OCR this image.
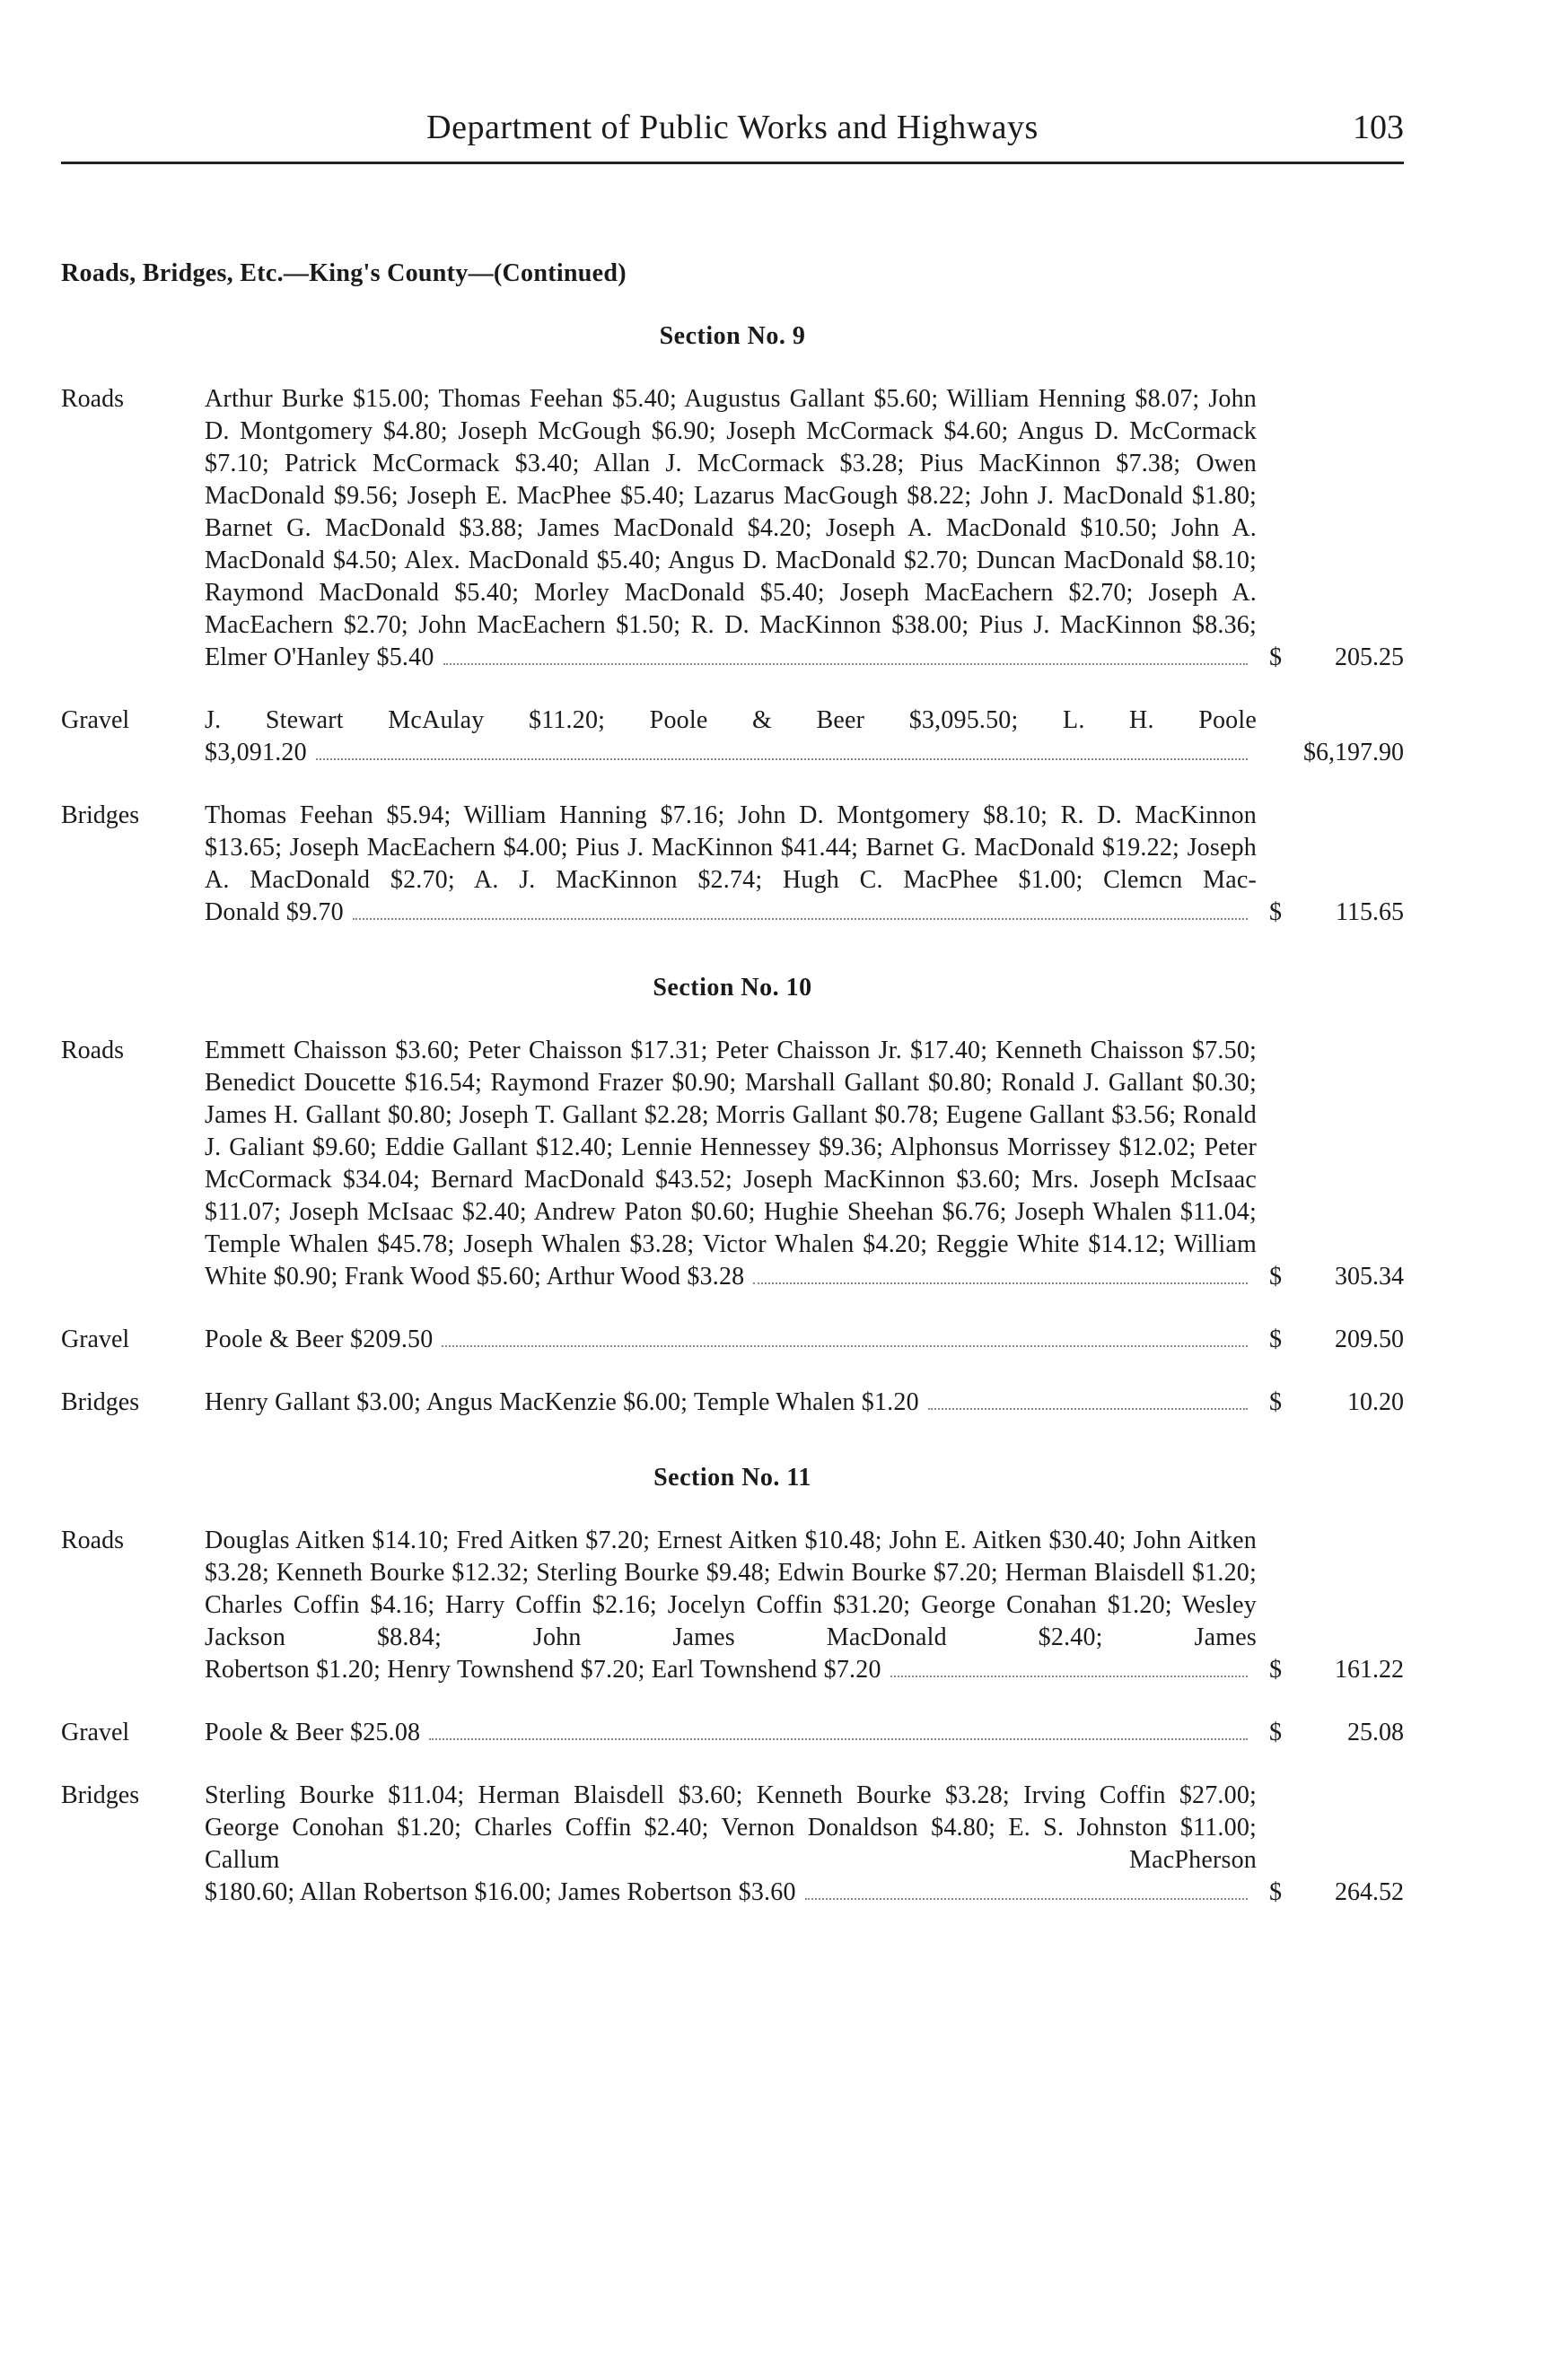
Department of Public Works and Highways	103
Roads, Bridges, Etc.—King's County—(Continued)
Section No. 9
Roads	Arthur Burke $15.00; Thomas Feehan $5.40; Augustus Gallant $5.60; William Henning $8.07; John D. Montgomery $4.80; Joseph McGough $6.90; Joseph McCormack $4.60; Angus D. McCormack $7.10; Patrick McCormack $3.40; Allan J. McCormack $3.28; Pius MacKinnon $7.38; Owen MacDonald $9.56; Joseph E. MacPhee $5.40; Lazarus MacGough $8.22; John J. MacDonald $1.80; Barnet G. MacDonald $3.88; James MacDonald $4.20; Joseph A. MacDonald $10.50; John A. MacDonald $4.50; Alex. MacDonald $5.40; Angus D. MacDonald $2.70; Duncan MacDonald $8.10; Raymond MacDonald $5.40; Morley MacDonald $5.40; Joseph MacEachern $2.70; Joseph A. MacEachern $2.70; John MacEachern $1.50; R. D. MacKinnon $38.00; Pius J. MacKinnon $8.36;
Elmer O'Hanley $5.40	$ 205.25
Gravel	J. Stewart McAulay $11.20; Poole & Beer $3,095.50; L. H. Poole
$3,091.20	$6,197.90
Bridges	Thomas Feehan $5.94; William Hanning $7.16; John D. Montgomery $8.10; R. D. MacKinnon $13.65; Joseph MacEachern $4.00; Pius J. MacKinnon $41.44; Barnet G. MacDonald $19.22; Joseph A. MacDonald $2.70; A. J. MacKinnon $2.74; Hugh C. MacPhee $1.00; Clemcn Mac-
Donald $9.70	$ 115.65
Section No. 10
Roads	Emmett Chaisson $3.60; Peter Chaisson $17.31; Peter Chaisson Jr. $17.40; Kenneth Chaisson $7.50; Benedict Doucette $16.54; Raymond Frazer $0.90; Marshall Gallant $0.80; Ronald J. Gallant $0.30; James H. Gallant $0.80; Joseph T. Gallant $2.28; Morris Gallant $0.78; Eugene Gallant $3.56; Ronald J. Galiant $9.60; Eddie Gallant $12.40; Lennie Hennessey $9.36; Alphonsus Morrissey $12.02; Peter McCormack $34.04; Bernard MacDonald $43.52; Joseph MacKinnon $3.60; Mrs. Joseph McIsaac $11.07; Joseph McIsaac $2.40; Andrew Paton $0.60; Hughie Sheehan $6.76; Joseph Whalen $11.04; Temple Whalen $45.78; Joseph Whalen $3.28; Victor Whalen $4.20; Reggie White $14.12; William
White $0.90; Frank Wood $5.60; Arthur Wood $3.28	$ 305.34
Gravel	Poole & Beer $209.50	$ 209.50
Bridges	Henry Gallant $3.00; Angus MacKenzie $6.00; Temple Whalen $1.20	$	10.20
Section No. 11
Roads	Douglas Aitken $14.10; Fred Aitken $7.20; Ernest Aitken $10.48; John E. Aitken $30.40; John Aitken $3.28; Kenneth Bourke $12.32; Sterling Bourke $9.48; Edwin Bourke $7.20; Herman Blaisdell $1.20; Charles Coffin $4.16; Harry Coffin $2.16; Jocelyn Coffin $31.20; George Conahan $1.20; Wesley Jackson $8.84; John James MacDonald $2.40; James
Robertson $1.20; Henry Townshend $7.20; Earl Townshend $7.20	$ 161.22
Gravel	Poole & Beer $25.08	$	25.08
Bridges	Sterling Bourke $11.04; Herman Blaisdell $3.60; Kenneth Bourke $3.28; Irving Coffin $27.00; George Conohan $1.20; Charles Coffin $2.40; Vernon Donaldson $4.80; E. S. Johnston $11.00; Callum MacPherson
$180.60; Allan Robertson $16.00; James Robertson $3.60	$ 264.52
